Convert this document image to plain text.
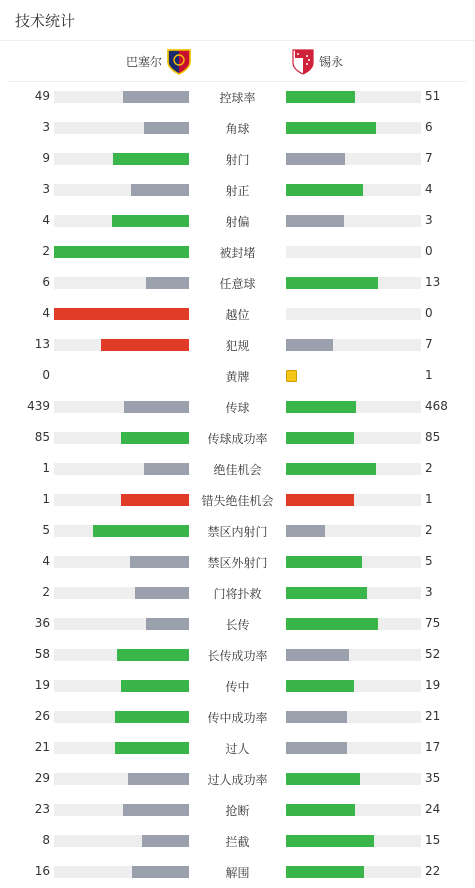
技术统计
巴塞尔	锡永
49	控球率	51
3	角球	6
9	射门	7
3	射正	4
4	射偏	3
2	被封堵	0
6	任意球	13
4	越位	0
13	犯规	7
0	黄牌	1
439	传球	468
85	传球成功率	85
1	绝佳机会	2
1	错失绝佳机会	1
5	禁区内射门	2
4	禁区外射门	5
2	门将扑救	3
36	长传	75
58	长传成功率	52
19	传中	19
26	传中成功率	21
21	过人	17
29	过人成功率	35
23	抢断	24
8	拦截	15
16	解围	22
